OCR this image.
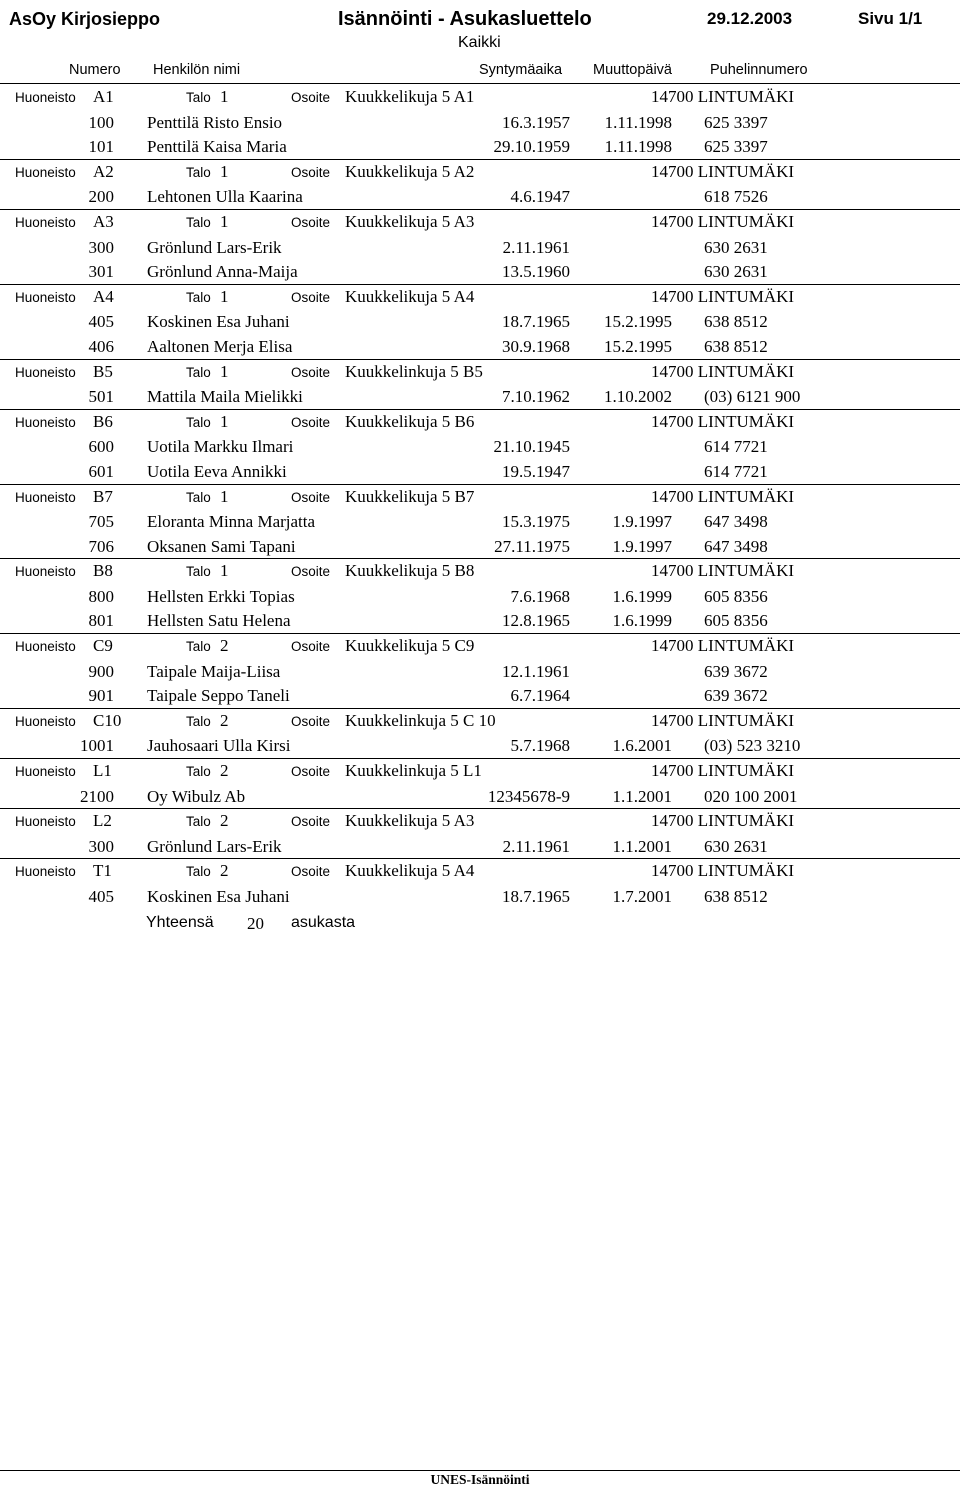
AsOy Kirjosieppo	Isännöinti - Asukasluettelo	29.12.2003	Sivu 1/1
Kaikki
Numero Henkilön nimi	Syntymäaika Muuttopäivä	Puhelinnumero
Huoneisto A1	Talo 1	Osoite Kuukkelikuja 5 A1	14700 LINTUMÄKI
100 Penttilä Risto Ensio	16.3.1957	1.11.1998 625 3397
101 Penttilä Kaisa Maria	29.10.1959	1.11.1998 625 3397
Huoneisto A2	Talo 1	Osoite Kuukkelikuja 5 A2	14700 LINTUMÄKI
200 Lehtonen Ulla Kaarina	4.6.1947	618 7526
Huoneisto A3	Talo 1	Osoite Kuukkelikuja 5 A3	14700 LINTUMÄKI
300 Grönlund Lars-Erik	2.11.1961	630 2631
301 Grönlund Anna-Maija	13.5.1960	630 2631
Huoneisto A4	Talo 1	Osoite Kuukkelikuja 5 A4	14700 LINTUMÄKI
405 Koskinen Esa Juhani	18.7.1965	15.2.1995 638 8512
406 Aaltonen Merja Elisa	30.9.1968	15.2.1995 638 8512
Huoneisto B5	Talo 1	Osoite Kuukkelinkuja 5 B5	14700 LINTUMÄKI
501 Mattila Maila Mielikki	7.10.1962	1.10.2002 (03) 6121 900
Huoneisto B6	Talo 1	Osoite Kuukkelikuja 5 B6	14700 LINTUMÄKI
600 Uotila Markku Ilmari	21.10.1945	614 7721
601 Uotila Eeva Annikki	19.5.1947	614 7721
Huoneisto B7	Talo 1	Osoite Kuukkelikuja 5 B7	14700 LINTUMÄKI
705 Eloranta Minna Marjatta	15.3.1975	1.9.1997 647 3498
706 Oksanen Sami Tapani	27.11.1975	1.9.1997 647 3498
Huoneisto B8	Talo 1	Osoite Kuukkelikuja 5 B8	14700 LINTUMÄKI
800 Hellsten Erkki Topias	7.6.1968	1.6.1999 605 8356
801 Hellsten Satu Helena	12.8.1965	1.6.1999 605 8356
Huoneisto C9	Talo 2	Osoite Kuukkelikuja 5 C9	14700 LINTUMÄKI
900 Taipale Maija-Liisa	12.1.1961	639 3672
901 Taipale Seppo Taneli	6.7.1964	639 3672
Huoneisto C10	Talo 2	Osoite Kuukkelinkuja 5 C 10	14700 LINTUMÄKI
1001 Jauhosaari Ulla Kirsi	5.7.1968	1.6.2001 (03) 523 3210
Huoneisto L1	Talo 2	Osoite Kuukkelinkuja 5 L1	14700 LINTUMÄKI
2100 Oy Wibulz Ab	12345678-9	1.1.2001 020 100 2001
Huoneisto L2	Talo 2	Osoite Kuukkelikuja 5 A3	14700 LINTUMÄKI
300 Grönlund Lars-Erik	2.11.1961	1.1.2001 630 2631
Huoneisto T1	Talo 2	Osoite Kuukkelikuja 5 A4	14700 LINTUMÄKI
405 Koskinen Esa Juhani	18.7.1965	1.7.2001 638 8512
Yhteensä 20 asukasta
UNES-Isännöinti
